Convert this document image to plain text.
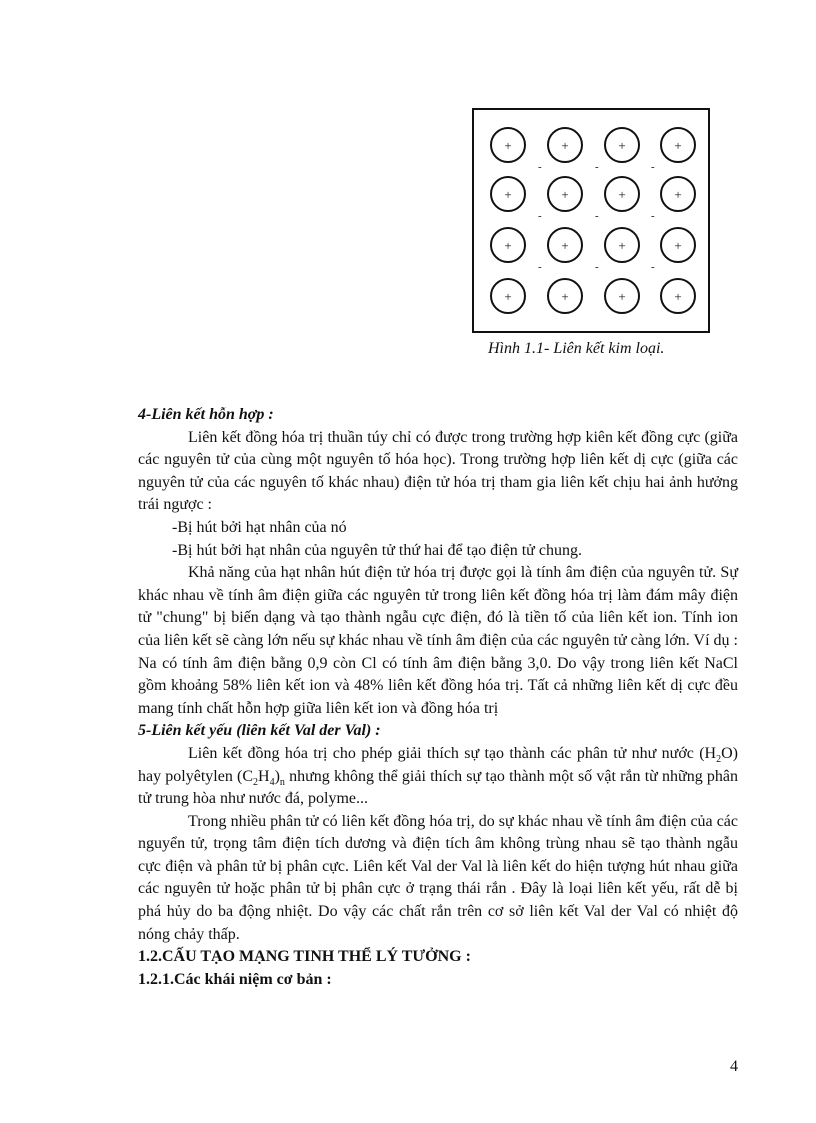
+	+	+	+
+	+	+	+
+	+	+	+
+	+	+	+
-	-	-
-	-	-
-	-	-
Hình 1.1- Liên kết kim loại.

4-Liên kết hỗn hợp :

Liên kết đồng hóa trị thuần túy chỉ có được trong trường hợp kiên kết đồng cực (giữa các nguyên tử của cùng một nguyên tố hóa học). Trong trường hợp liên kết dị cực (giữa các nguyên tử của các nguyên tố khác nhau) điện tử hóa trị tham gia liên kết chịu hai ảnh hưởng trái ngược :

-Bị hút bởi hạt nhân của nó

-Bị hút bởi hạt nhân của nguyên tử thứ hai để tạo điện tử chung.

Khả năng của hạt nhân hút điện tử hóa trị được gọi là tính âm điện của nguyên tử. Sự khác nhau về tính âm điện giữa các nguyên tử trong liên kết đồng hóa trị làm đám mây điện tử "chung" bị biến dạng và tạo thành ngẫu cực điện, đó là tiền tố của liên kết ion. Tính ion của liên kết sẽ càng lớn nếu sự khác nhau về tính âm điện của các nguyên tử càng lớn. Ví dụ : Na có tính âm điện bằng 0,9 còn Cl có tính âm điện bằng 3,0. Do vậy trong liên kết NaCl gồm khoảng 58% liên kết ion và 48% liên kết đồng hóa trị. Tất cả những liên kết dị cực đều mang tính chất hỗn hợp giữa liên kết ion và đồng hóa trị

5-Liên kết yếu (liên kết Val der Val) :

Liên kết đồng hóa trị cho phép giải thích sự tạo thành các phân tử như nước $(H_2O)$ hay polyêtylen $(C_2H_4)_n$ nhưng không thể giải thích sự tạo thành một số vật rắn từ những phân tử trung hòa như nước đá, polyme...

Trong nhiều phân tử có liên kết đồng hóa trị, do sự khác nhau về tính âm điện của các nguyển tử, trọng tâm điện tích dương và điện tích âm không trùng nhau sẽ tạo thành ngẫu cực điện và phân tử bị phân cực. Liên kết Val der Val là liên kết do hiện tượng hút nhau giữa các nguyên tử hoặc phân tử bị phân cực ở trạng thái rắn . Đây là loại liên kết yếu, rất dễ bị phá hủy do ba động nhiệt. Do vậy các chất rắn trên cơ sở liên kết Val der Val có nhiệt độ nóng chảy thấp.

1.2.CẤU TẠO MẠNG TINH THỂ LÝ TƯỞNG :

1.2.1.Các khái niệm cơ bản :

4
